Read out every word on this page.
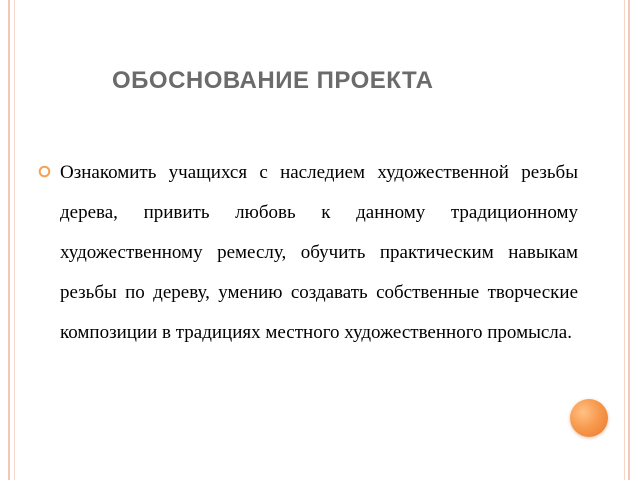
ОБОСНОВАНИЕ ПРОЕКТА

Ознакомить учащихся с наследием художественной резьбы дерева, привить любовь к данному традиционному художественному ремеслу, обучить практическим навыкам резьбы по дереву, умению создавать собственные творческие композиции в традициях местного художественного промысла.
